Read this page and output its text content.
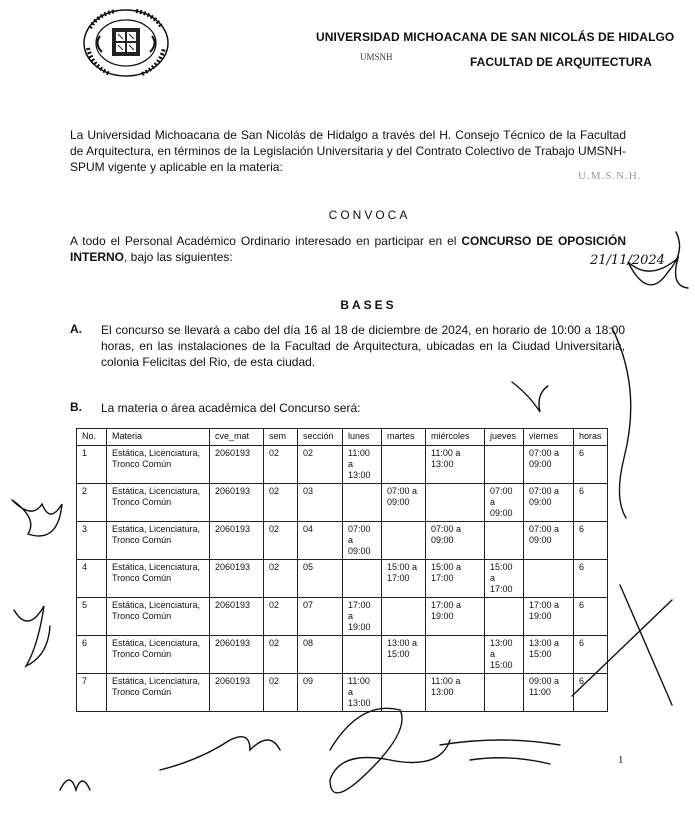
UNIVERSIDAD MICHOACANA DE SAN NICOLÁS DE HIDALGO
UMSNH	FACULTAD DE ARQUITECTURA
La Universidad Michoacana de San Nicolás de Hidalgo a través del H. Consejo Técnico de la Facultad de Arquitectura, en términos de la Legislación Universitaria y del Contrato Colectivo de Trabajo UMSNH-SPUM vigente y aplicable en la materia:
U.M.S.N.H.
CONVOCA
A todo el Personal Académico Ordinario interesado en participar en el CONCURSO DE OPOSICIÓN INTERNO, bajo las siguientes:	21/11/2024
BASES
A. El concurso se llevará a cabo del día 16 al 18 de diciembre de 2024, en horario de 10:00 a 18:00 horas, en las instalaciones de la Facultad de Arquitectura, ubicadas en la Ciudad Universitaria, colonia Felicitas del Rio, de esta ciudad.
B. La materia o área académica del Concurso será:
No.	Materia	cve_mat	sem	sección	lunes	martes	miércoles	jueves	viernes	horas
1	Estática, Licenciatura, Tronco Común	2060193	02	02	11:00 a 13:00		11:00 a 13:00		07:00 a 09:00	6
2	Estática, Licenciatura, Tronco Común	2060193	02	03		07:00 a 09:00		07:00 a 09:00	07:00 a 09:00	6
3	Estática, Licenciatura, Tronco Común	2060193	02	04	07:00 a 09:00		07:00 a 09:00		07:00 a 09:00	6
4	Estática, Licenciatura, Tronco Común	2060193	02	05		15:00 a 17:00	15:00 a 17:00	15:00 a 17:00		6
5	Estática, Licenciatura, Tronco Común	2060193	02	07	17:00 a 19:00		17:00 a 19:00		17:00 a 19:00	6
6	Estática, Licenciatura, Tronco Común	2060193	02	08		13:00 a 15:00		13:00 a 15:00	13:00 a 15:00	6
7	Estática, Licenciatura, Tronco Común	2060193	02	09	11:00 a 13:00		11:00 a 13:00		09:00 a 11:00	6
1
